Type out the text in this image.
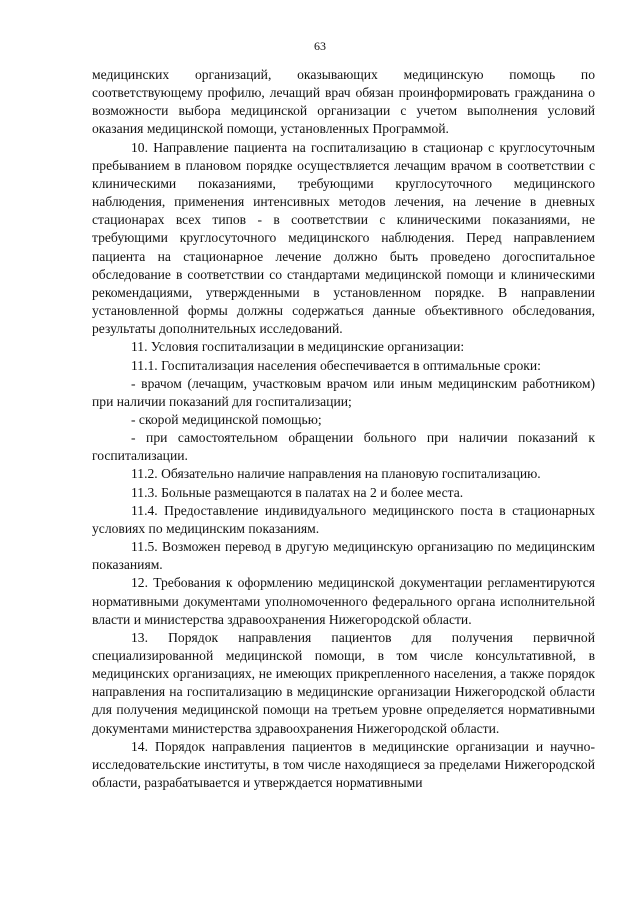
63

медицинских организаций, оказывающих медицинскую помощь по соответствующему профилю, лечащий врач обязан проинформировать гражданина о возможности выбора медицинской организации с учетом выполнения условий оказания медицинской помощи, установленных Программой.

10. Направление пациента на госпитализацию в стационар с круглосуточным пребыванием в плановом порядке осуществляется лечащим врачом в соответствии с клиническими показаниями, требующими круглосуточного медицинского наблюдения, применения интенсивных методов лечения, на лечение в дневных стационарах всех типов - в соответствии с клиническими показаниями, не требующими круглосуточного медицинского наблюдения. Перед направлением пациента на стационарное лечение должно быть проведено догоспитальное обследование в соответствии со стандартами медицинской помощи и клиническими рекомендациями, утвержденными в установленном порядке. В направлении установленной формы должны содержаться данные объективного обследования, результаты дополнительных исследований.

11. Условия госпитализации в медицинские организации:

11.1. Госпитализация населения обеспечивается в оптимальные сроки:

- врачом (лечащим, участковым врачом или иным медицинским работником) при наличии показаний для госпитализации;

- скорой медицинской помощью;

- при самостоятельном обращении больного при наличии показаний к госпитализации.

11.2. Обязательно наличие направления на плановую госпитализацию.

11.3. Больные размещаются в палатах на 2 и более места.

11.4. Предоставление индивидуального медицинского поста в стационарных условиях по медицинским показаниям.

11.5. Возможен перевод в другую медицинскую организацию по медицинским показаниям.

12. Требования к оформлению медицинской документации регламентируются нормативными документами уполномоченного федерального органа исполнительной власти и министерства здравоохранения Нижегородской области.

13. Порядок направления пациентов для получения первичной специализированной медицинской помощи, в том числе консультативной, в медицинских организациях, не имеющих прикрепленного населения, а также порядок направления на госпитализацию в медицинские организации Нижегородской области для получения медицинской помощи на третьем уровне определяется нормативными документами министерства здравоохранения Нижегородской области.

14. Порядок направления пациентов в медицинские организации и научно-исследовательские институты, в том числе находящиеся за пределами Нижегородской области, разрабатывается и утверждается нормативными
